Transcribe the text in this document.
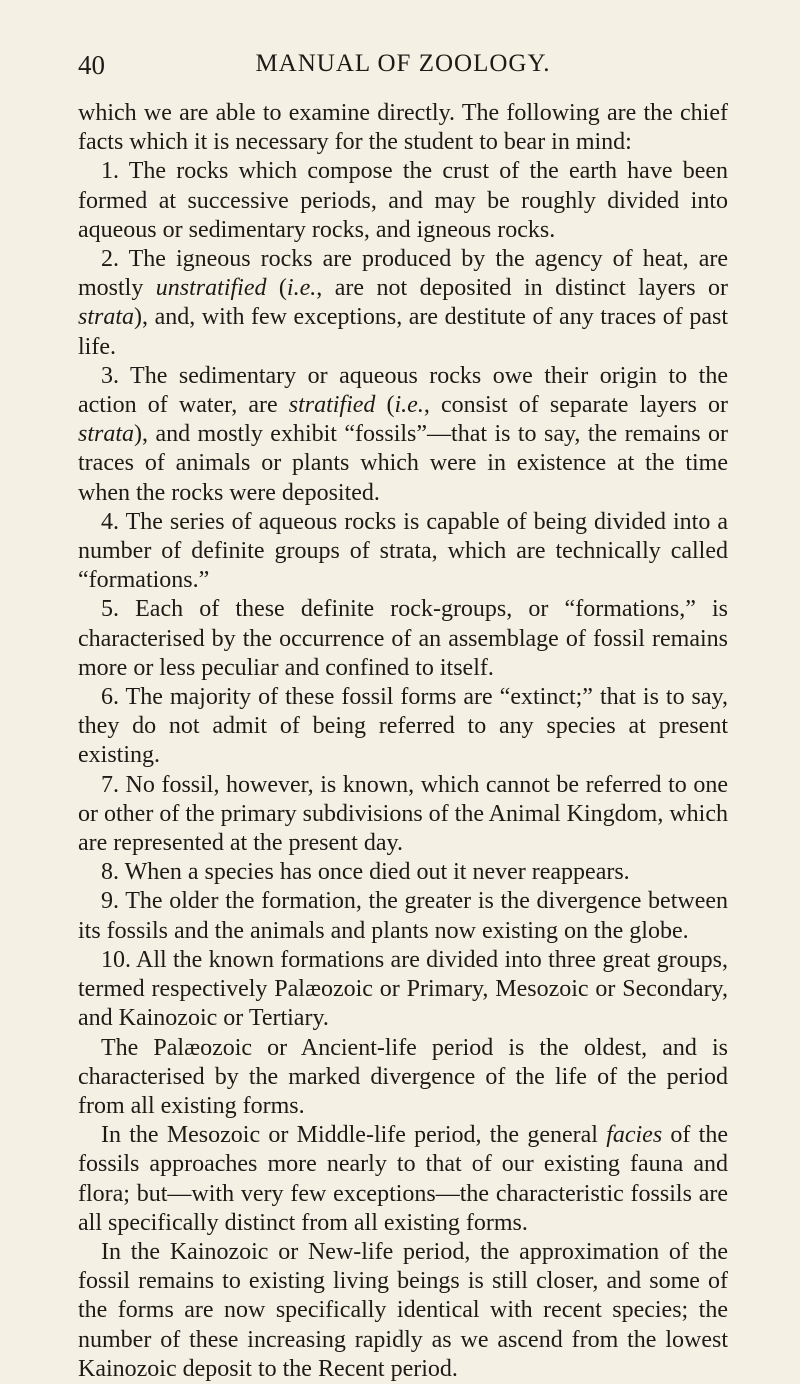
40	MANUAL OF ZOOLOGY.

which we are able to examine directly. The following are the chief facts which it is necessary for the student to bear in mind:

1. The rocks which compose the crust of the earth have been formed at successive periods, and may be roughly divided into aqueous or sedimentary rocks, and igneous rocks.

2. The igneous rocks are produced by the agency of heat, are mostly unstratified (i.e., are not deposited in distinct layers or strata), and, with few exceptions, are destitute of any traces of past life.

3. The sedimentary or aqueous rocks owe their origin to the action of water, are stratified (i.e., consist of separate layers or strata), and mostly exhibit “fossils”—that is to say, the remains or traces of animals or plants which were in existence at the time when the rocks were deposited.

4. The series of aqueous rocks is capable of being divided into a number of definite groups of strata, which are technically called “formations.”

5. Each of these definite rock-groups, or “formations,” is characterised by the occurrence of an assemblage of fossil remains more or less peculiar and confined to itself.

6. The majority of these fossil forms are “extinct;” that is to say, they do not admit of being referred to any species at present existing.

7. No fossil, however, is known, which cannot be referred to one or other of the primary subdivisions of the Animal Kingdom, which are represented at the present day.

8. When a species has once died out it never reappears.

9. The older the formation, the greater is the divergence between its fossils and the animals and plants now existing on the globe.

10. All the known formations are divided into three great groups, termed respectively Palæozoic or Primary, Mesozoic or Secondary, and Kainozoic or Tertiary.

The Palæozoic or Ancient-life period is the oldest, and is characterised by the marked divergence of the life of the period from all existing forms.

In the Mesozoic or Middle-life period, the general facies of the fossils approaches more nearly to that of our existing fauna and flora; but—with very few exceptions—the characteristic fossils are all specifically distinct from all existing forms.

In the Kainozoic or New-life period, the approximation of the fossil remains to existing living beings is still closer, and some of the forms are now specifically identical with recent species; the number of these increasing rapidly as we ascend from the lowest Kainozoic deposit to the Recent period.
